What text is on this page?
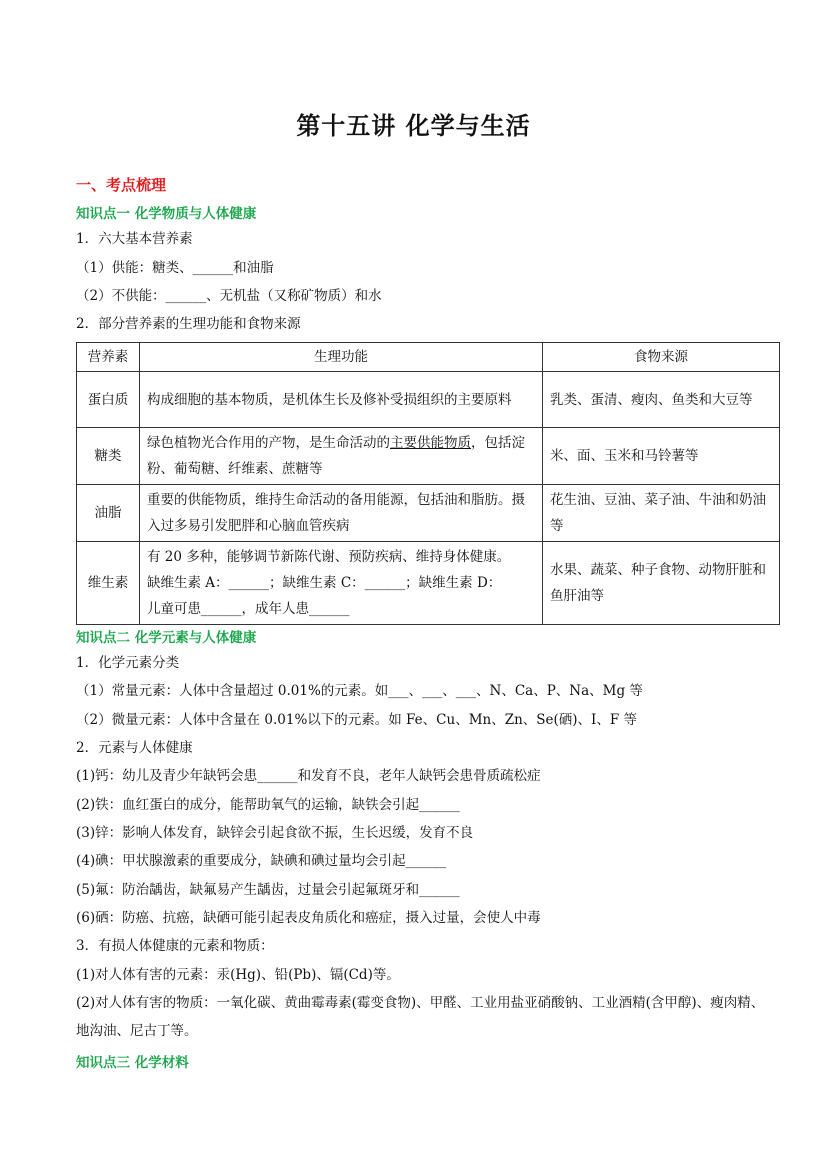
第十五讲 化学与生活
一、考点梳理
知识点一 化学物质与人体健康
1．六大基本营养素
（1）供能：糖类、______和油脂
（2）不供能：______、无机盐（又称矿物质）和水
2．部分营养素的生理功能和食物来源
营养素	生理功能	食物来源
蛋白质	构成细胞的基本物质，是机体生长及修补受损组织的主要原料	乳类、蛋清、瘦肉、鱼类和大豆等
糖类	绿色植物光合作用的产物，是生命活动的主要供能物质，包括淀粉、葡萄糖、纤维素、蔗糖等	米、面、玉米和马铃薯等
油脂	重要的供能物质，维持生命活动的备用能源，包括油和脂肪。摄入过多易引发肥胖和心脑血管疾病	花生油、豆油、菜子油、牛油和奶油等
维生素	有 20 多种，能够调节新陈代谢、预防疾病、维持身体健康。
缺维生素 A：______；缺维生素 C：______；缺维生素 D：
儿童可患______，成年人患______	水果、蔬菜、种子食物、动物肝脏和鱼肝油等
知识点二 化学元素与人体健康
1．化学元素分类
（1）常量元素：人体中含量超过 0.01%的元素。如___、___、___、N、Ca、P、Na、Mg 等
（2）微量元素：人体中含量在 0.01%以下的元素。如 Fe、Cu、Mn、Zn、Se(硒)、I、F 等
2．元素与人体健康
(1)钙：幼儿及青少年缺钙会患______和发育不良，老年人缺钙会患骨质疏松症
(2)铁：血红蛋白的成分，能帮助氧气的运输，缺铁会引起______
(3)锌：影响人体发育，缺锌会引起食欲不振，生长迟缓，发育不良
(4)碘：甲状腺激素的重要成分，缺碘和碘过量均会引起______
(5)氟：防治龋齿，缺氟易产生龋齿，过量会引起氟斑牙和______
(6)硒：防癌、抗癌，缺硒可能引起表皮角质化和癌症，摄入过量，会使人中毒
3．有损人体健康的元素和物质：
(1)对人体有害的元素：汞(Hg)、铅(Pb)、镉(Cd)等。
(2)对人体有害的物质：一氧化碳、黄曲霉毒素(霉变食物)、甲醛、工业用盐亚硝酸钠、工业酒精(含甲醇)、瘦肉精、地沟油、尼古丁等。
知识点三 化学材料
